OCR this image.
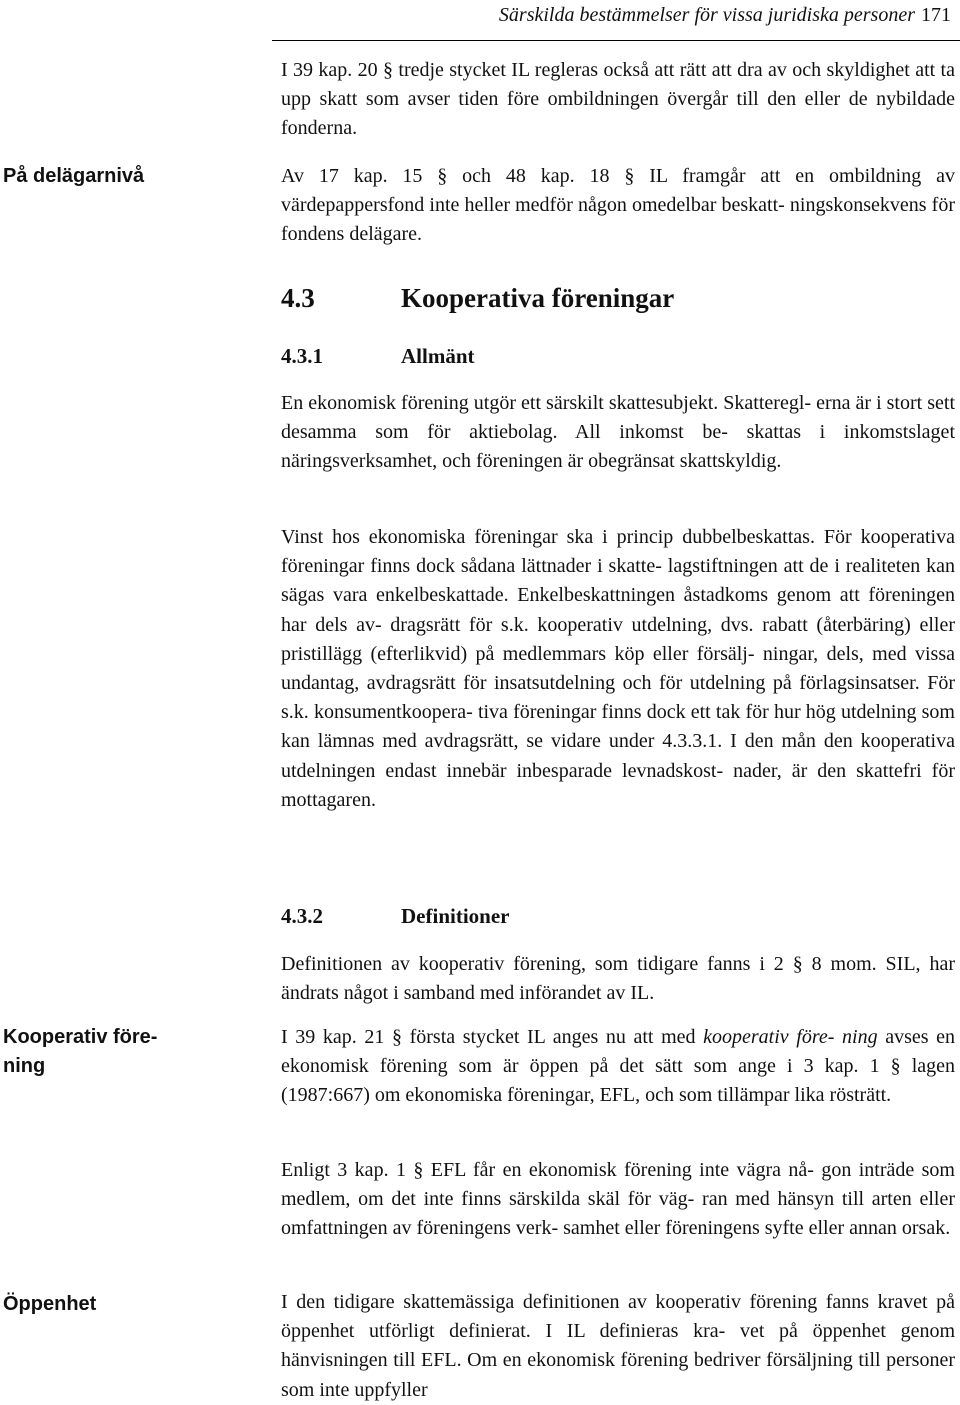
Särskilda bestämmelser för vissa juridiska personer 171
På delägarnivå
Kooperativ före- ning
Öppenhet
I 39 kap. 20 § tredje stycket IL regleras också att rätt att dra av och skyldighet att ta upp skatt som avser tiden före ombildningen övergår till den eller de nybildade fonderna.
Av 17 kap. 15 § och 48 kap. 18 § IL framgår att en ombildning av värdepappersfond inte heller medför någon omedelbar beskatt- ningskonsekvens för fondens delägare.
4.3	Kooperativa föreningar
4.3.1	Allmänt
En ekonomisk förening utgör ett särskilt skattesubjekt. Skatteregl- erna är i stort sett desamma som för aktiebolag. All inkomst be- skattas i inkomstslaget näringsverksamhet, och föreningen är obegränsat skattskyldig.
Vinst hos ekonomiska föreningar ska i princip dubbelbeskattas. För kooperativa föreningar finns dock sådana lättnader i skatte- lagstiftningen att de i realiteten kan sägas vara enkelbeskattade. Enkelbeskattningen åstadkoms genom att föreningen har dels av- dragsrätt för s.k. kooperativ utdelning, dvs. rabatt (återbäring) eller pristillägg (efterlikvid) på medlemmars köp eller försälj- ningar, dels, med vissa undantag, avdragsrätt för insatsutdelning och för utdelning på förlagsinsatser. För s.k. konsumentkoopera- tiva föreningar finns dock ett tak för hur hög utdelning som kan lämnas med avdragsrätt, se vidare under 4.3.3.1. I den mån den kooperativa utdelningen endast innebär inbesparade levnadskost- nader, är den skattefri för mottagaren.
4.3.2	Definitioner
Definitionen av kooperativ förening, som tidigare fanns i 2 § 8 mom. SIL, har ändrats något i samband med införandet av IL.
I 39 kap. 21 § första stycket IL anges nu att med kooperativ före- ning avses en ekonomisk förening som är öppen på det sätt som ange i 3 kap. 1 § lagen (1987:667) om ekonomiska föreningar, EFL, och som tillämpar lika rösträtt.
Enligt 3 kap. 1 § EFL får en ekonomisk förening inte vägra nå- gon inträde som medlem, om det inte finns särskilda skäl för väg- ran med hänsyn till arten eller omfattningen av föreningens verk- samhet eller föreningens syfte eller annan orsak.
I den tidigare skattemässiga definitionen av kooperativ förening fanns kravet på öppenhet utförligt definierat. I IL definieras kra- vet på öppenhet genom hänvisningen till EFL. Om en ekonomisk förening bedriver försäljning till personer som inte uppfyller
